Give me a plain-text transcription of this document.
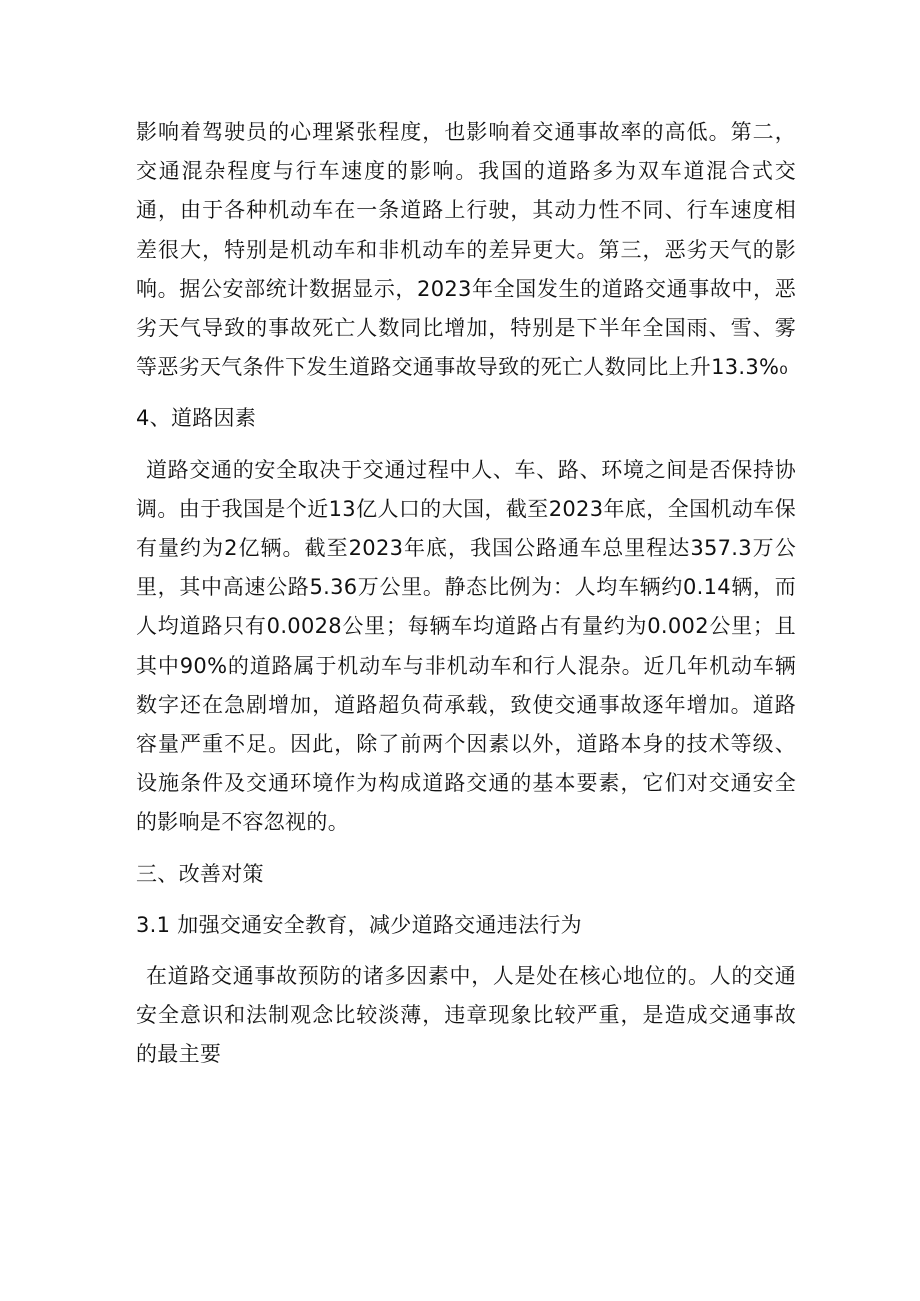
影响着驾驶员的心理紧张程度，也影响着交通事故率的高低。第二，交通混杂程度与行车速度的影响。我国的道路多为双车道混合式交通，由于各种机动车在一条道路上行驶，其动力性不同、行车速度相差很大，特别是机动车和非机动车的差异更大。第三，恶劣天气的影响。据公安部统计数据显示，2023年全国发生的道路交通事故中，恶劣天气导致的事故死亡人数同比增加，特别是下半年全国雨、雪、雾等恶劣天气条件下发生道路交通事故导致的死亡人数同比上升13.3%₀

4、道路因素

道路交通的安全取决于交通过程中人、车、路、环境之间是否保持协调。由于我国是个近13亿人口的大国，截至2023年底，全国机动车保有量约为2亿辆。截至2023年底，我国公路通车总里程达357.3万公里，其中高速公路5.36万公里。静态比例为：人均车辆约0.14辆，而人均道路只有0.0028公里；每辆车均道路占有量约为0.002公里；且其中90%的道路属于机动车与非机动车和行人混杂。近几年机动车辆数字还在急剧增加，道路超负荷承载，致使交通事故逐年增加。道路容量严重不足。因此，除了前两个因素以外，道路本身的技术等级、设施条件及交通环境作为构成道路交通的基本要素，它们对交通安全的影响是不容忽视的。

三、改善对策

3.1 加强交通安全教育，减少道路交通违法行为

在道路交通事故预防的诸多因素中，人是处在核心地位的。人的交通安全意识和法制观念比较淡薄，违章现象比较严重，是造成交通事故的最主要
